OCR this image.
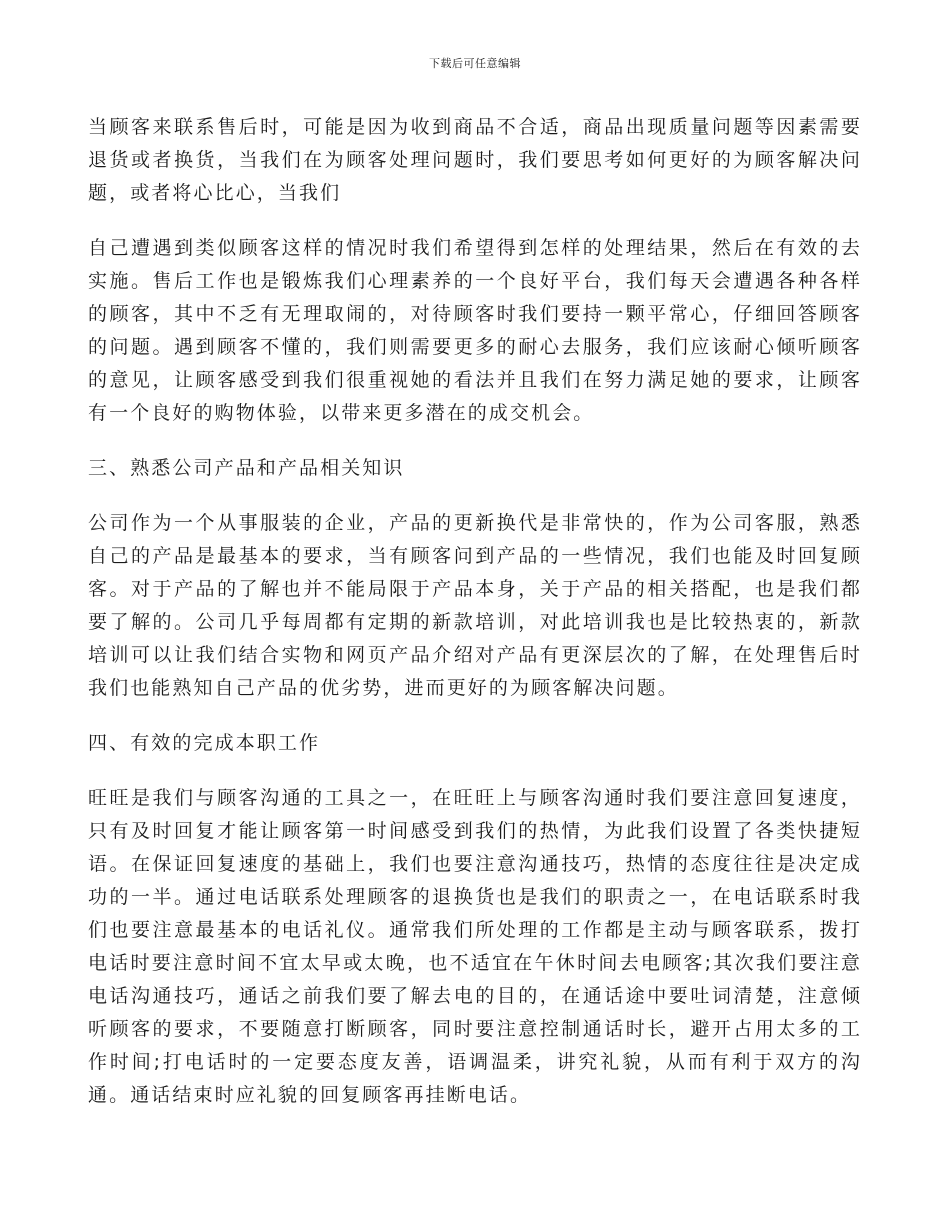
下载后可任意编辑

当顾客来联系售后时，可能是因为收到商品不合适，商品出现质量问题等因素需要退货或者换货，当我们在为顾客处理问题时，我们要思考如何更好的为顾客解决问题，或者将心比心，当我们

自己遭遇到类似顾客这样的情况时我们希望得到怎样的处理结果，然后在有效的去实施。售后工作也是锻炼我们心理素养的一个良好平台，我们每天会遭遇各种各样的顾客，其中不乏有无理取闹的，对待顾客时我们要持一颗平常心，仔细回答顾客的问题。遇到顾客不懂的，我们则需要更多的耐心去服务，我们应该耐心倾听顾客的意见，让顾客感受到我们很重视她的看法并且我们在努力满足她的要求，让顾客有一个良好的购物体验，以带来更多潜在的成交机会。

三、熟悉公司产品和产品相关知识

公司作为一个从事服装的企业，产品的更新换代是非常快的，作为公司客服，熟悉自己的产品是最基本的要求，当有顾客问到产品的一些情况，我们也能及时回复顾客。对于产品的了解也并不能局限于产品本身，关于产品的相关搭配，也是我们都要了解的。公司几乎每周都有定期的新款培训，对此培训我也是比较热衷的，新款培训可以让我们结合实物和网页产品介绍对产品有更深层次的了解，在处理售后时我们也能熟知自己产品的优劣势，进而更好的为顾客解决问题。

四、有效的完成本职工作

旺旺是我们与顾客沟通的工具之一，在旺旺上与顾客沟通时我们要注意回复速度，只有及时回复才能让顾客第一时间感受到我们的热情，为此我们设置了各类快捷短语。在保证回复速度的基础上，我们也要注意沟通技巧，热情的态度往往是决定成功的一半。通过电话联系处理顾客的退换货也是我们的职责之一，在电话联系时我们也要注意最基本的电话礼仪。通常我们所处理的工作都是主动与顾客联系，拨打电话时要注意时间不宜太早或太晚，也不适宜在午休时间去电顾客;其次我们要注意电话沟通技巧，通话之前我们要了解去电的目的，在通话途中要吐词清楚，注意倾听顾客的要求，不要随意打断顾客，同时要注意控制通话时长，避开占用太多的工作时间;打电话时的一定要态度友善，语调温柔，讲究礼貌，从而有利于双方的沟通。通话结束时应礼貌的回复顾客再挂断电话。
